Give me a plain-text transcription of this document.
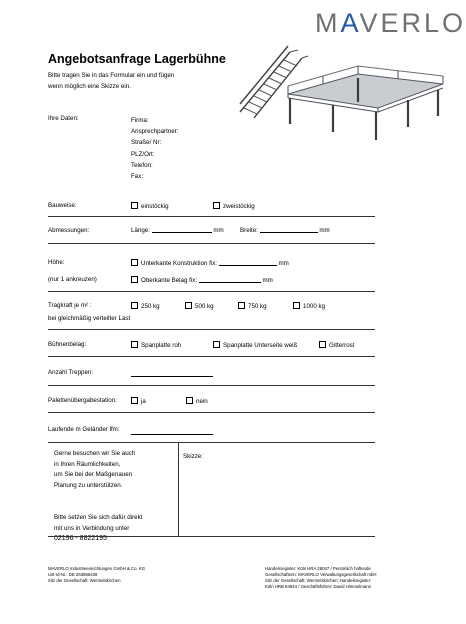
MAVERLO
Angebotsanfrage Lagerbühne
Bitte tragen Sie in das Formular ein und fügen
wenn möglich eine Skizze ein.
Ihre Daten:	Firma:
Ansprechpartner:
Straße/ Nr:
PLZ/Ort:
Telefon:
Fax:
Bauweise:	einstöckig	zweistöckig
Abmessungen:	Länge:	mm	Breite:	mm
Höhe:
(nur 1 ankreuzen)
Unterkante Konstruktion fix:	mm
Oberkante Belag fix:	mm
Tragkraft je m² :	250 kg	500 kg	750 kg	1000 kg
bei gleichmäßig verteilter Last
Bühnenbelag:	Spanplatte roh	Spanplatte Unterseite weiß	Gitterrost
Anzahl Treppen:
Palettenübergabestation:	ja	nein
Laufende m Geländer lfm:
Gerne besuchen wir Sie auch
in Ihren Räumlichkeiten,
um Sie bei der Maßgenauen
Planung zu unterstützen.
Bitte setzen Sie sich dafür direkt
mit uns in Verbindung unter
02196 - 8822195
Skizze:
MAVERLO Industrieeinrichtungen GmbH & Co. KG
Ust-Id-Nr.: DE 263866439
Sitz der Gesellschaft: Wermelskirchen
Handelsregister: Köln HRA 26047 / Persönlich haftende
Gesellschafterin: MAVERLO Verwaltungsgesellschaft mbH
Sitz der Gesellschaft: Wermelskirchen; Handelsregister:
Köln HRB 84944 / Geschäftsführer: David Himmelmann
